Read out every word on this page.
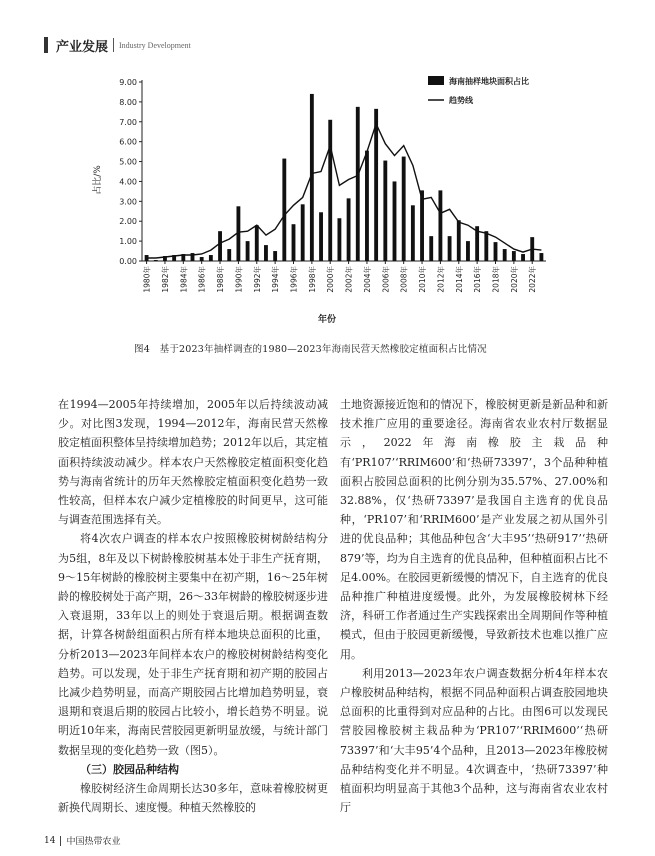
产业发展 Industry Development
0.00
1.00
2.00
3.00
4.00
5.00
6.00
7.00
8.00
9.00
1980年 1982年 1984年 1986年 1988年 1990年 1992年 1994年 1996年 1998年 2000年 2002年 2004年 2006年 2008年 2010年 2012年 2014年 2016年 2018年 2020年 2022年
海南抽样地块面积占比
趋势线
占比/%
年份
图4　基于2023年抽样调查的1980—2023年海南民营天然橡胶定植面积占比情况

在1994—2005年持续增加，2005年以后持续波动减少。对比图3发现，1994—2012年，海南民营天然橡胶定植面积整体呈持续增加趋势；2012年以后，其定植面积持续波动减少。样本农户天然橡胶定植面积变化趋势与海南省统计的历年天然橡胶定植面积变化趋势一致性较高，但样本农户减少定植橡胶的时间更早，这可能与调查范围选择有关。

将4次农户调查的样本农户按照橡胶树树龄结构分为5组，8年及以下树龄橡胶树基本处于非生产抚育期，9～15年树龄的橡胶树主要集中在初产期，16～25年树龄的橡胶树处于高产期，26～33年树龄的橡胶树逐步进入衰退期，33年以上的则处于衰退后期。根据调查数据，计算各树龄组面积占所有样本地块总面积的比重，分析2013—2023年间样本农户的橡胶树树龄结构变化趋势。可以发现，处于非生产抚育期和初产期的胶园占比减少趋势明显，而高产期胶园占比增加趋势明显，衰退期和衰退后期的胶园占比较小，增长趋势不明显。说明近10年来，海南民营胶园更新明显放缓，与统计部门数据呈现的变化趋势一致（图5）。

（三）胶园品种结构

橡胶树经济生命周期长达30多年，意味着橡胶树更新换代周期长、速度慢。种植天然橡胶的

土地资源接近饱和的情况下，橡胶树更新是新品种和新技术推广应用的重要途径。海南省农业农村厅数据显示，2022年海南橡胶主栽品种有‘PR107’‘RRIM600’和‘热研73397’，3个品种种植面积占胶园总面积的比例分别为35.57%、27.00%和32.88%，仅‘热研73397’是我国自主选育的优良品种，‘PR107’和‘RRIM600’是产业发展之初从国外引进的优良品种；其他品种包含‘大丰95’‘热研917’‘热研879’等，均为自主选育的优良品种，但种植面积占比不足4.00%。在胶园更新缓慢的情况下，自主选育的优良品种推广种植进度缓慢。此外，为发展橡胶树林下经济，科研工作者通过生产实践探索出全周期间作等种植模式，但由于胶园更新缓慢，导致新技术也难以推广应用。

利用2013—2023年农户调查数据分析4年样本农户橡胶树品种结构，根据不同品种面积占调查胶园地块总面积的比重得到对应品种的占比。由图6可以发现民营胶园橡胶树主栽品种为‘PR107’‘RRIM600’‘热研73397’和‘大丰95’4个品种，且2013—2023年橡胶树品种结构变化并不明显。4次调查中，‘热研73397’种植面积均明显高于其他3个品种，这与海南省农业农村厅

14 中国热带农业
